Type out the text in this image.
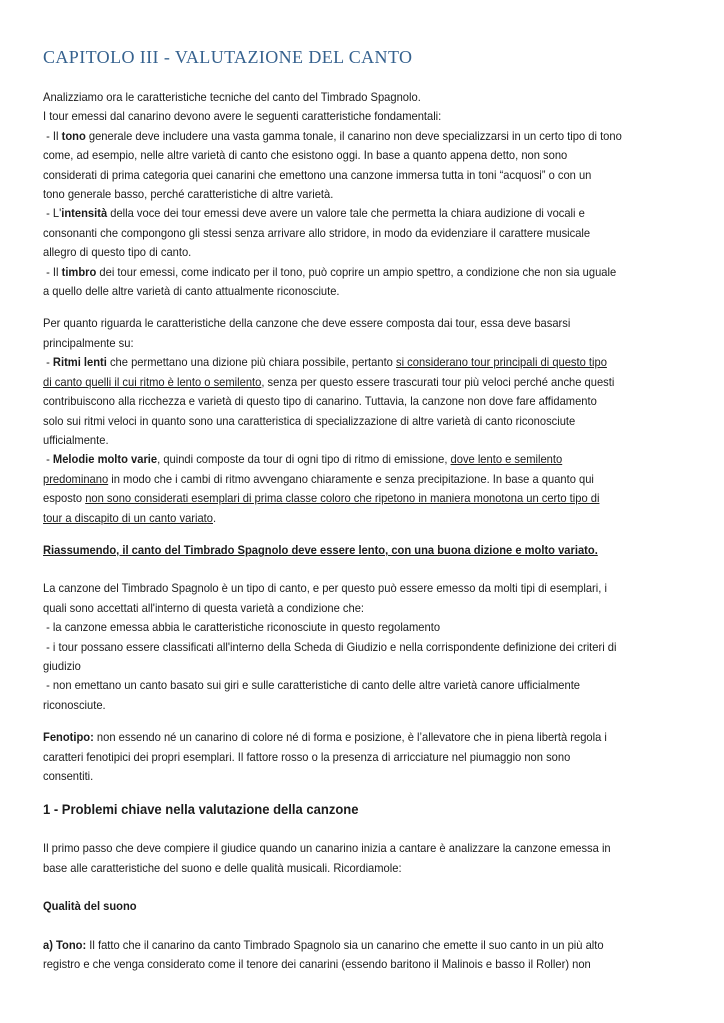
CAPITOLO III - VALUTAZIONE DEL CANTO
Analizziamo ora le caratteristiche tecniche del canto del Timbrado Spagnolo.
I tour emessi dal canarino devono avere le seguenti caratteristiche fondamentali:
- Il tono generale deve includere una vasta gamma tonale, il canarino non deve specializzarsi in un certo tipo di tono
come, ad esempio, nelle altre varietà di canto che esistono oggi. In base a quanto appena detto, non sono
considerati di prima categoria quei canarini che emettono una canzone immersa tutta in toni “acquosi” o con un
tono generale basso, perché caratteristiche di altre varietà.
- L'intensità della voce dei tour emessi deve avere un valore tale che permetta la chiara audizione di vocali e
consonanti che compongono gli stessi senza arrivare allo stridore, in modo da evidenziare il carattere musicale
allegro di questo tipo di canto.
- Il timbro dei tour emessi, come indicato per il tono, può coprire un ampio spettro, a condizione che non sia uguale
a quello delle altre varietà di canto attualmente riconosciute.
Per quanto riguarda le caratteristiche della canzone che deve essere composta dai tour, essa deve basarsi
principalmente su:
- Ritmi lenti che permettano una dizione più chiara possibile, pertanto si considerano tour principali di questo tipo
di canto quelli il cui ritmo è lento o semilento, senza per questo essere trascurati tour più veloci perché anche questi
contribuiscono alla ricchezza e varietà di questo tipo di canarino. Tuttavia, la canzone non dove fare affidamento
solo sui ritmi veloci in quanto sono una caratteristica di specializzazione di altre varietà di canto riconosciute
ufficialmente.
- Melodie molto varie, quindi composte da tour di ogni tipo di ritmo di emissione, dove lento e semilento
predominano in modo che i cambi di ritmo avvengano chiaramente e senza precipitazione. In base a quanto qui
esposto non sono considerati esemplari di prima classe coloro che ripetono in maniera monotona un certo tipo di
tour a discapito di un canto variato.
Riassumendo, il canto del Timbrado Spagnolo deve essere lento, con una buona dizione e molto variato.
La canzone del Timbrado Spagnolo è un tipo di canto, e per questo può essere emesso da molti tipi di esemplari, i
quali sono accettati all'interno di questa varietà a condizione che:
- la canzone emessa abbia le caratteristiche riconosciute in questo regolamento
- i tour possano essere classificati all'interno della Scheda di Giudizio e nella corrispondente definizione dei criteri di
giudizio
- non emettano un canto basato sui giri e sulle caratteristiche di canto delle altre varietà canore ufficialmente
riconosciute.
Fenotipo: non essendo né un canarino di colore né di forma e posizione, è l’allevatore che in piena libertà regola i
caratteri fenotipici dei propri esemplari. Il fattore rosso o la presenza di arricciature nel piumaggio non sono
consentiti.
1 - Problemi chiave nella valutazione della canzone
Il primo passo che deve compiere il giudice quando un canarino inizia a cantare è analizzare la canzone emessa in
base alle caratteristiche del suono e delle qualità musicali. Ricordiamole:
Qualità del suono
a) Tono: Il fatto che il canarino da canto Timbrado Spagnolo sia un canarino che emette il suo canto in un più alto
registro e che venga considerato come il tenore dei canarini (essendo baritono il Malinois e basso il Roller) non
